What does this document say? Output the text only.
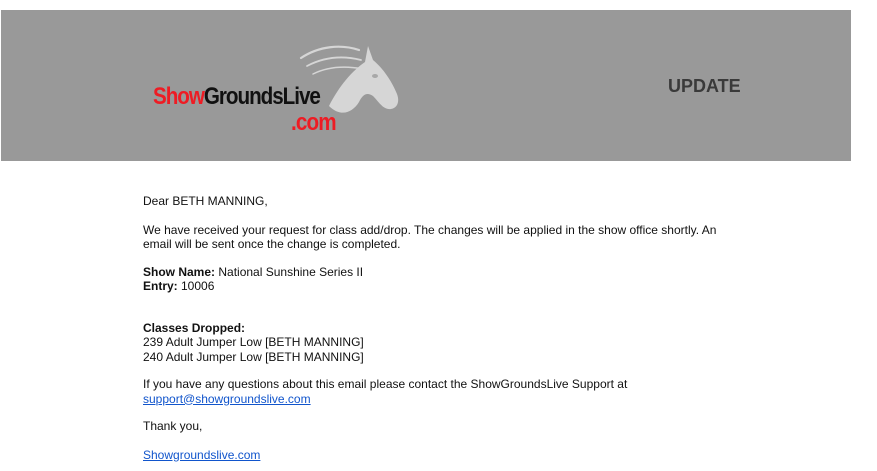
ShowGroundsLive
.com
UPDATE

Dear BETH MANNING,

We have received your request for class add/drop. The changes will be applied in the show office shortly. An email will be sent once the change is completed.

Show Name: National Sunshine Series II

Entry: 10006

Classes Dropped:

239 Adult Jumper Low [BETH MANNING]

240 Adult Jumper Low [BETH MANNING]

If you have any questions about this email please contact the ShowGroundsLive Support at

support@showgroundslive.com

Thank you,

Showgroundslive.com
